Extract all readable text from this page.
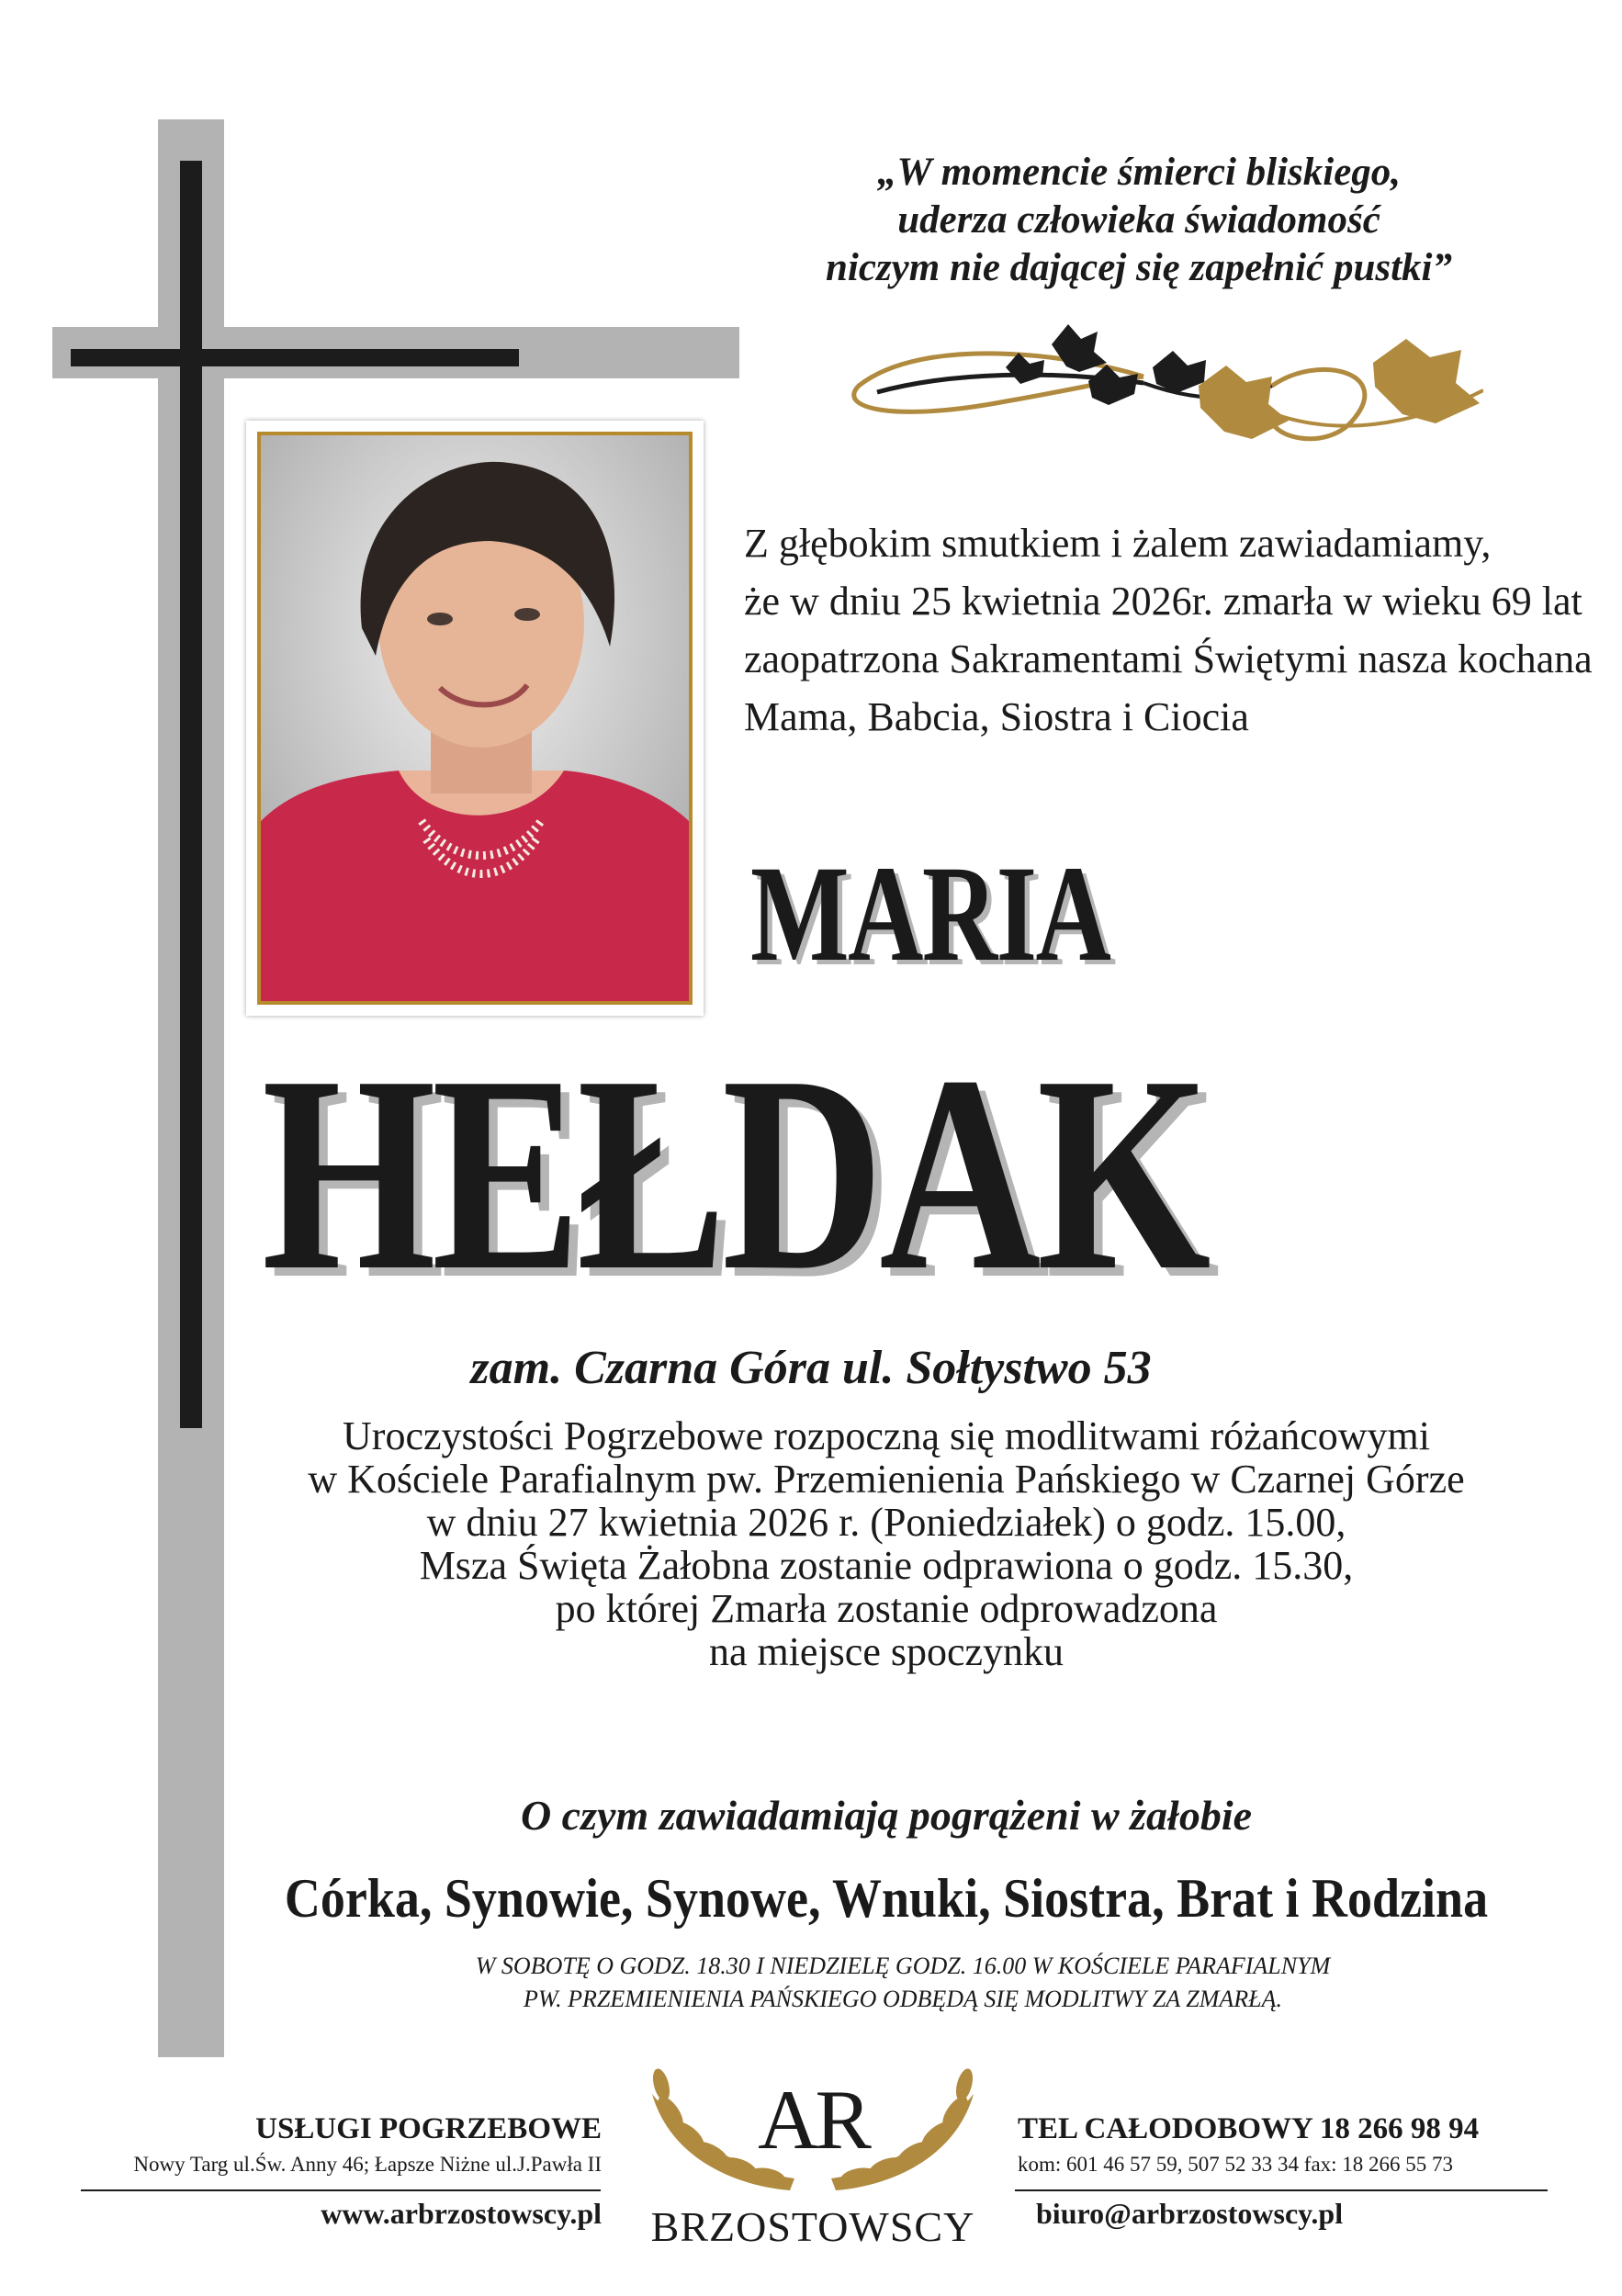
„W momencie śmierci bliskiego,
uderza człowieka świadomość
niczym nie dającej się zapełnić pustki”
Z głębokim smutkiem i żalem zawiadamiamy,
że w dniu 25 kwietnia 2026r. zmarła w wieku 69 lat
zaopatrzona Sakramentami Świętymi nasza kochana
Mama, Babcia, Siostra i Ciocia
MARIA
HEŁDAK
zam. Czarna Góra ul. Sołtystwo 53
Uroczystości Pogrzebowe rozpoczną się modlitwami różańcowymi
w Kościele Parafialnym pw. Przemienienia Pańskiego w Czarnej Górze
w dniu 27 kwietnia 2026 r. (Poniedziałek) o godz. 15.00,
Msza Święta Żałobna zostanie odprawiona o godz. 15.30,
po której Zmarła zostanie odprowadzona
na miejsce spoczynku
O czym zawiadamiają pogrążeni w żałobie
Córka, Synowie, Synowe, Wnuki, Siostra, Brat i Rodzina
W SOBOTĘ O GODZ. 18.30 I NIEDZIELĘ GODZ. 16.00 W KOŚCIELE PARAFIALNYM
PW. PRZEMIENIENIA PAŃSKIEGO ODBĘDĄ SIĘ MODLITWY ZA ZMARŁĄ.
USŁUGI POGRZEBOWE
Nowy Targ ul.Św. Anny 46; Łapsze Niżne ul.J.Pawła II
www.arbrzostowscy.pl
AR
BRZOSTOWSCY
TEL CAŁODOBOWY 18 266 98 94
kom: 601 46 57 59, 507 52 33 34 fax: 18 266 55 73
biuro@arbrzostowscy.pl
